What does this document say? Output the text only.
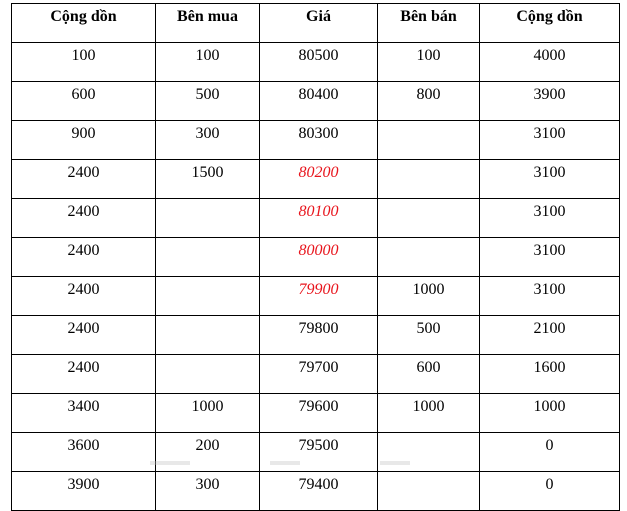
Cộng dồn	Bên mua	Giá	Bên bán	Cộng dồn
100	100	80500	100	4000
600	500	80400	800	3900
900	300	80300		3100
2400	1500	80200		3100
2400		80100		3100
2400		80000		3100
2400		79900	1000	3100
2400		79800	500	2100
2400		79700	600	1600
3400	1000	79600	1000	1000
3600	200	79500		0
3900	300	79400		0
